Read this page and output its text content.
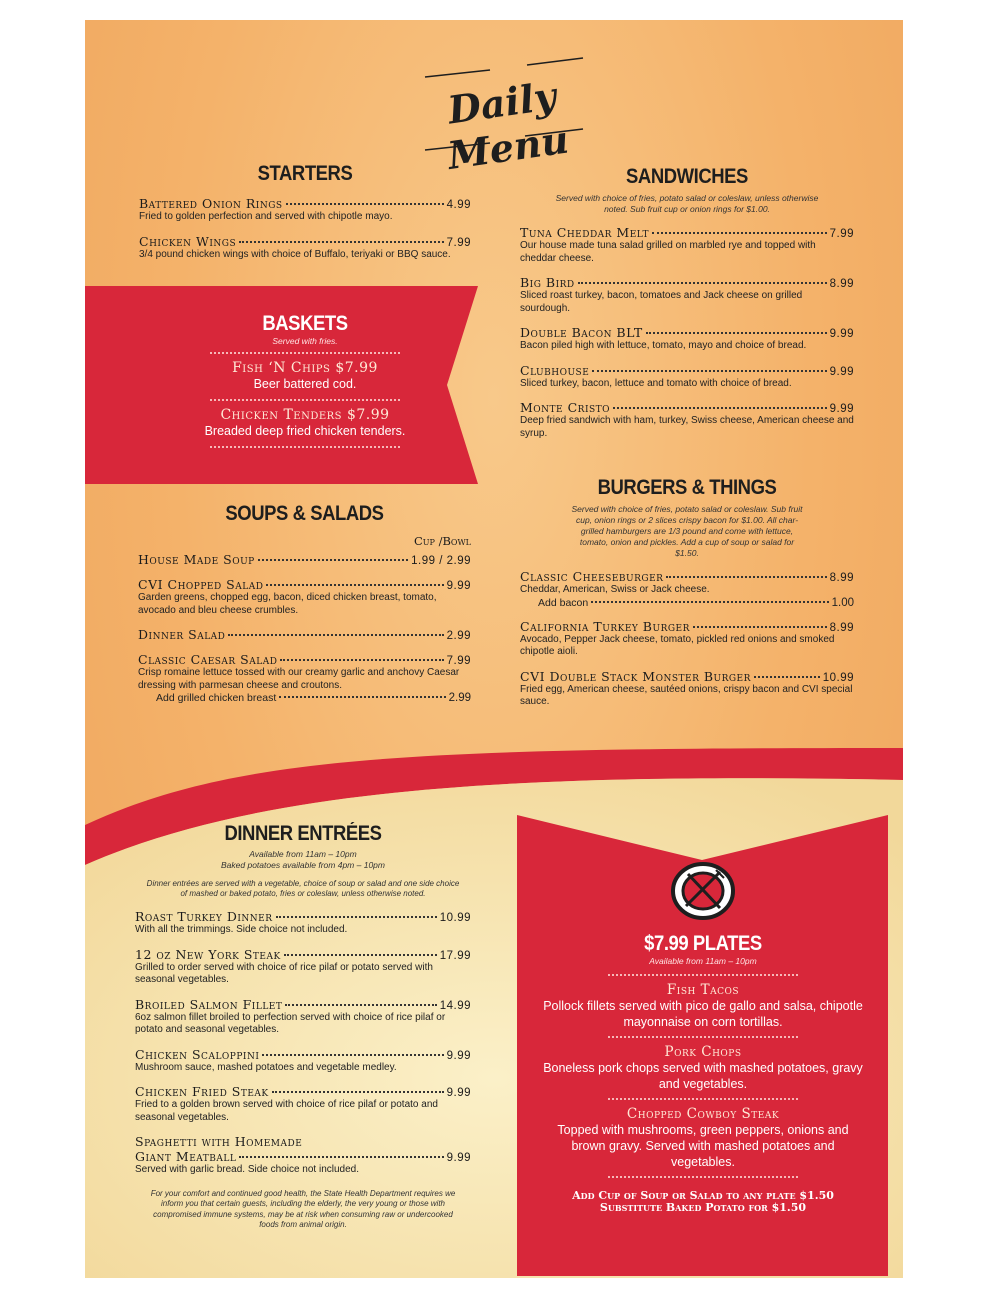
Daily Menu
STARTERS
Battered Onion Rings	4.99
Fried to golden perfection and served with chipotle mayo.
Chicken Wings	7.99
3/4 pound chicken wings with choice of Buffalo, teriyaki or BBQ sauce.
BASKETS
Served with fries.
Fish ‘N Chips $7.99
Beer battered cod.
Chicken Tenders $7.99
Breaded deep fried chicken tenders.
SOUPS & SALADS
Cup /Bowl
House Made Soup	1.99 / 2.99
CVI Chopped Salad	9.99
Garden greens, chopped egg, bacon, diced chicken breast, tomato, avocado and bleu cheese crumbles.
Dinner Salad	2.99
Classic Caesar Salad	7.99
Crisp romaine lettuce tossed with our creamy garlic and anchovy Caesar dressing with parmesan cheese and croutons.
Add grilled chicken breast	2.99
SANDWICHES
Served with choice of fries, potato salad or coleslaw, unless otherwise noted. Sub fruit cup or onion rings for $1.00.
Tuna Cheddar Melt	7.99
Our house made tuna salad grilled on marbled rye and topped with cheddar cheese.
Big Bird	8.99
Sliced roast turkey, bacon, tomatoes and Jack cheese on grilled sourdough.
Double Bacon BLT	9.99
Bacon piled high with lettuce, tomato, mayo and choice of bread.
Clubhouse	9.99
Sliced turkey, bacon, lettuce and tomato with choice of bread.
Monte Cristo	9.99
Deep fried sandwich with ham, turkey, Swiss cheese, American cheese and syrup.
BURGERS & THINGS
Served with choice of fries, potato salad or coleslaw. Sub fruit cup, onion rings or 2 slices crispy bacon for $1.00. All char-grilled hamburgers are 1/3 pound and come with lettuce, tomato, onion and pickles. Add a cup of soup or salad for $1.50.
Classic Cheeseburger	8.99
Cheddar, American, Swiss or Jack cheese.
Add bacon	1.00
California Turkey Burger	8.99
Avocado, Pepper Jack cheese, tomato, pickled red onions and smoked chipotle aioli.
CVI Double Stack Monster Burger	10.99
Fried egg, American cheese, sautéed onions, crispy bacon and CVI special sauce.
DINNER ENTRÉES
Available from 11am – 10pm
Baked potatoes available from 4pm – 10pm
Dinner entrées are served with a vegetable, choice of soup or salad and one side choice of mashed or baked potato, fries or coleslaw, unless otherwise noted.
Roast Turkey Dinner	10.99
With all the trimmings. Side choice not included.
12 oz New York Steak	17.99
Grilled to order served with choice of rice pilaf or potato served with seasonal vegetables.
Broiled Salmon Fillet	14.99
6oz salmon fillet broiled to perfection served with choice of rice pilaf or potato and seasonal vegetables.
Chicken Scaloppini	9.99
Mushroom sauce, mashed potatoes and vegetable medley.
Chicken Fried Steak	9.99
Fried to a golden brown served with choice of rice pilaf or potato and seasonal vegetables.
Spaghetti with Homemade
Giant Meatball	9.99
Served with garlic bread. Side choice not included.
For your comfort and continued good health, the State Health Department requires we inform you that certain guests, including the elderly, the very young or those with compromised immune systems, may be at risk when consuming raw or undercooked foods from animal origin.
$7.99 PLATES
Available from 11am – 10pm
Fish Tacos
Pollock fillets served with pico de gallo and salsa, chipotle mayonnaise on corn tortillas.
Pork Chops
Boneless pork chops served with mashed potatoes, gravy and vegetables.
Chopped Cowboy Steak
Topped with mushrooms, green peppers, onions and brown gravy. Served with mashed potatoes and vegetables.
Add Cup of Soup or Salad to any plate $1.50
Substitute Baked Potato for $1.50
